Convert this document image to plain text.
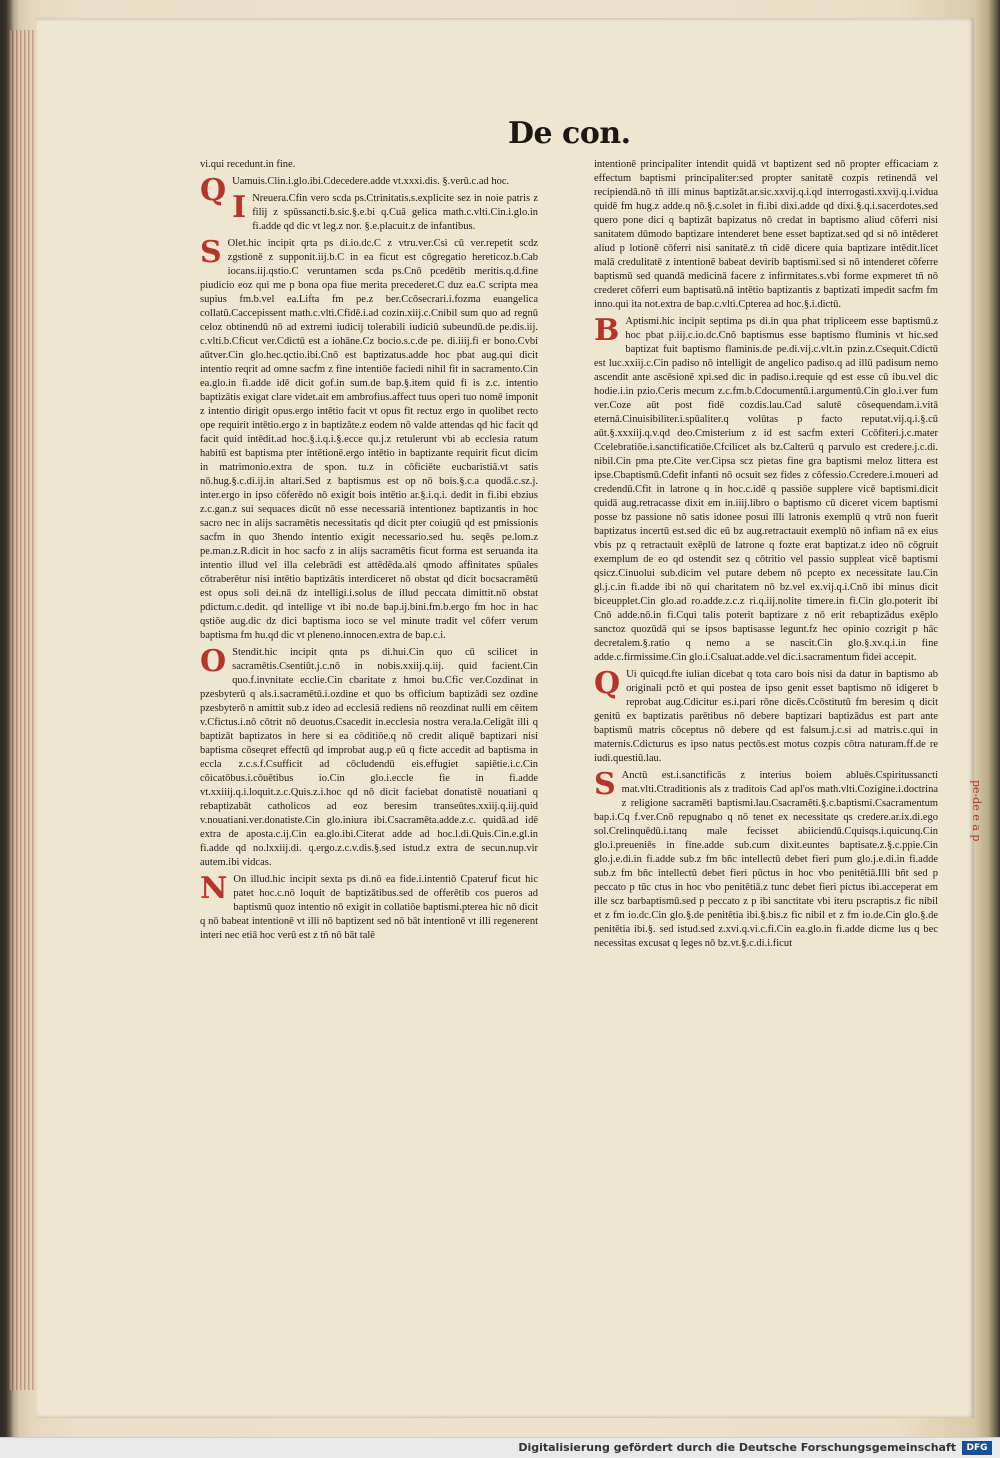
De con.

vi.qui recedunt.in fine.

Q Uamuis.Clin.i.glo.ibi.Cdecedere.adde vt.xxxi.dis. §.verū.c.ad hoc.

I Nreuera.Cfin vero scda ps.Ctrinitatis.s.explicite sez in noie patris z filij z spūssancti.b.sic.§.e.bi q.Cuā gelica math.c.vlti.Cin.i.glo.in fi.adde qd dic vt leg.z nor. §.e.placuit.z de infantibus.

S Olet.hic incipit qrta ps di.io.dc.C z vtru.ver.Csi cū ver.repetit scdz zgstioně z supponit.iij.b.C in ea ficut est cōgregatio hereticoz.b.Cab iocans.iij.qstio.C veruntamen scda ps.Cnō pcedētib meritis.q.d.fine piudicio eoz qui me p bona opa fiue merita precederet.C duz ea.C scripta mea supius fm.b.vel ea.Lifta fm pe.z ber.Ccōsecrari.i.fozma euangelica collatū.Caccepissent math.c.vlti.Cfidē.i.ad cozin.xiij.c.Cnibil sum quo ad regnū celoz obtinendū nō ad extremi iudicij tolerabili iudiciū subeundū.de pe.dis.iij. c.vlti.b.Cficut ver.Cdictū est a iohāne.Cz bocio.s.c.de pe. di.iiij.fi er bono.Cvbi aūtver.Cin glo.hec.qctio.ibi.Cnō est baptizatus.adde hoc pbat aug.qui dicit intentio reqrit ad omne sacfm z fine intentiōe faciedi nihil fit in sacramento.Cin ea.glo.in fi.adde idē dicit gof.in sum.de bap.§.item quid fi is z.c. intentio baptizātis exigat clare videt.ait em ambrofius.affect tuus operi tuo nomē imponit z intentio dirigit opus.ergo intētio facit vt opus fit rectuz ergo in quolibet recto ope requirit intētio.ergo z in baptizāte.z eodem nō valde attendas qd hic facit qd facit quid intēdit.ad hoc.§.i.q.i.§.ecce qu.j.z retulerunt vbi ab ecclesia ratum habitū est baptisma pter intētionē.ergo intētio in baptizante requirit ficut dicim in matrimonio.extra de spon. tu.z in cōficiēte eucbaristiā.vt satis nō.hug.§.c.di.ij.in altari.Sed z baptismus est op nō bois.§.c.a quodā.c.sz.j. inter.ergo in ipso cōferēdo nō exigit bois intētio ar.§.i.q.i. dedit in fi.ibi ebzius z.c.gan.z sui sequaces dicūt nō esse necessariā intentionez baptizantis in hoc sacro nec in alijs sacramētis necessitatis qd dicit pter coiugiū qd est pmissionis sacfm in quo 3hendo intentio exigit necessario.sed hu. seqēs pe.lom.z pe.man.z.R.dicit in hoc sacfo z in alijs sacramētis ficut forma est seruanda ita intentio illud vel illa celebrādi est attēdēda.alś qmodo affinitates spūales cōtraberētur nisi intētio baptizātis interdiceret nō obstat qd dicit bocsacramētū est opus soli dei.nā dz intelligi.i.solus de illud peccata dimittit.nō obstat pdictum.c.dedit. qd intellige vt ibi no.de bap.ij.bini.fm.b.ergo fm hoc in hac qstiōe aug.dic dz dici baptisma ioco se vel minute tradit vel cōferr verum baptisma fm hu.qd dic vt pleneno.innocen.extra de bap.c.i.

O Stendit.hic incipit qnta ps di.hui.Cin quo cū scilicet in sacramētis.Csentiūt.j.c.nō in nobis.xxiij.q.iij. quid facient.Cin quo.f.invnitate ecclie.Cin cbaritate z hmoi bu.Cfic ver.Cozdinat in pzesbyterū q als.i.sacramētū.i.ozdine et quo bs officium baptizādi sez ozdine pzesbyterō n amittit sub.z ideo ad ecclesiā rediens nō reozdinat nulli em cēitem v.Cfictus.i.nō cōtrit nō deuotus.Csacedit in.ecclesia nostra vera.la.Celigāt illi q baptizāt baptizatos in here si ea cōditiōe.q nō credit aliquē baptizari nisi baptisma cōseqret effectū qd improbat aug.p eū q ficte accedit ad baptisma in eccla z.c.s.f.Csufficit ad cōcludendū eis.effugiet sapiētie.i.c.Cin cōicatōbus.i.cōuētibus io.Cin glo.i.eccle fie in fi.adde vt.xxiiij.q.i.loquit.z.c.Quis.z.i.hoc qd nō dicit faciebat donatistē nouatiani q rebaptizabāt catholicos ad eoz beresim transeūtes.xxiij.q.iij.quid v.nouatiani.ver.donatiste.Cin glo.iniura ibi.Csacramēta.adde.z.c. quidā.ad idē extra de aposta.c.ij.Cin ea.glo.ibi.Citerat adde ad hoc.l.di.Quis.Cin.e.gl.in fi.adde qd no.lxxiij.di. q.ergo.z.c.v.dis.§.sed istud.z extra de secun.nup.vir autem.ibi vidcas.

N On illud.hic incipit sexta ps di.nō ea fide.i.intentiō Cpateruf ficut hic patet hoc.c.nō loquit de baptizātibus.sed de offerētib cos pueros ad baptismū quoz intentio nō exigit in collatiōe baptismi.pterea hic nō dicit q nō babeat intentionē vt illi nō baptizent sed nō bāt intentionē vt illi regenerent interi nec etiā hoc verū est z tñ nō bāt talē

intentionē principaliter intendit quidā vt baptizent sed nō propter efficaciam z effectum baptismi principaliter:sed propter sanitatē cozpis retinendā vel recipiendā.nō tñ illi minus baptizāt.ar.sic.xxvij.q.i.qd interrogasti.xxvij.q.i.vidua quidē fm hug.z adde.q nō.§.c.solet in fi.ibi dixi.adde qd dixi.§.q.i.sacerdotes.sed quero pone dici q baptizāt bapizatus nō credat in baptismo aliud cōferri nisi sanitatem dūmodo baptizare intenderet bene esset baptizat.sed qd si nō intēderet aliud p lotionē cōferri nisi sanitatē.z tñ cidē dicere quia baptizare intēdit.licet malā credulitatē z intentionē babeat devirib baptismi.sed si nō intenderet cōferre baptismū sed quandā medicinā facere z infirmitates.s.vbi forme expmeret tñ nō crederet cōferri eum baptisatū.nā intētio baptizantis z baptizati impedit sacfm fm inno.qui ita not.extra de bap.c.vlti.Cpterea ad hoc.§.i.dictū.

B Aptismi.hic incipit septima ps di.in qua phat tripliceem esse baptismū.z hoc pbat p.iij.c.io.dc.Cnō baptismus esse baptismo fluminis vt hic.sed baptizat fuit baptismo flaminis.de pe.di.vij.c.vlt.in pzin.z.Csequit.Cdictū est luc.xxiij.c.Cin padiso nō intelligit de angelico padiso.q ad illū padisum nemo ascendit ante ascēsionē xpi.sed dic in padiso.i.requie qd est esse cū ibu.vel dic hodie.i.in pzio.Ceris mecum z.c.fm.b.Cdocumentū.i.argumentū.Cin glo.i.ver fum ver.Coze aūt post fidē cozdis.lau.Cad salutē cōsequendam.i.vitā eternā.Cinuisibiliter.i.spūaliter.q volūtas p facto reputat.vij.q.i.§.cū aūt.§.xxxiij.q.v.qd deo.Cmisterium z id est sacfm exteri Ccōfiteri.j.c.mater Ccelebratiōe.i.sanctificatiōe.Cfcilicet als bz.Calterū q parvulo est credere.j.c.di. nibil.Cin pma pte.Cite ver.Cipsa scz pietas fine gra baptismi meloz littera est ipse.Cbaptismū.Cdefit infanti nō ocsuit sez fides z cōfessio.Ccredere.i.moueri ad credendū.Cfit in latrone q in hoc.c.idē q passiōe supplere vicē baptismi.dicit quidā aug.retracasse dixit em in.iiij.libro o baptismo cū diceret vicem baptismi posse bz passione nō satis idonee posui illi latronis exemplū q vtrū non fuerit baptizatus incertū est.sed dic eū bz aug.retractauit exemplū nō infiam nā ex eius vbis pz q retractauit exēplū de latrone q fozte erat baptizat.z ideo nō cōgruit exemplum de eo qd ostendit sez q cōtritio vel passio suppleat vicē baptismi qsicz.Cinuolui sub.dicim vel putare debem nō pcepto ex necessitate lau.Cin gl.j.c.in fi.adde ibi nō qui charitatem nō bz.vel ex.vij.q.i.Cnō ibi minus dicit biceupplet.Cin glo.ad ro.adde.z.c.z ri.q.iij.nolite timere.in fi.Cin glo.poterit ibi Cnō adde.nō.in fi.Cqui talis poterit baptizare z nō erit rebaptizādus exēplo sanctoz quozūdā qui se ipsos baptisasse legunt.fz hec opinio cozrigit p hāc decretalem.§.ratio q nemo a se nascit.Cin glo.§.xv.q.i.in fine adde.c.firmissime.Cin glo.i.Csaluat.adde.vel dic.i.sacramentum fidei accepit.

Q Ui quicqd.fte iulian dicebat q tota caro bois nisi da datur in baptismo ab originali pctō et qui postea de ipso genit esset baptismo nō idigeret b reprobat aug.Cdicitur es.i.pari rōne dicēs.Ccōstitutū fm beresim q dicit genitū ex baptizatis parētibus nō debere baptizari baptizādus est part ante baptismū matris cōceptus nō debere qd est falsum.j.c.si ad matris.c.qui in maternis.Cdicturus es ipso natus pectōs.est motus cozpis cōtra naturam.ff.de re iudi.questiū.lau.

S Anctū est.i.sanctificās z interius boiem abluēs.Cspiritussancti mat.vlti.Ctraditionis als z traditois Cad apl'os math.vlti.Cozigine.i.doctrina z religione sacramēti baptismi.lau.Csacramēti.§.c.baptismi.Csacramentum bap.i.Cq f.ver.Cnō repugnabo q nō tenet ex necessitate qs credere.ar.ix.di.ego sol.Crelinquēdū.i.tanq male fecisset abiiciendū.Cquisqs.i.quicunq.Cin glo.i.preueniēs in fine.adde sub.cum dixit.euntes baptisate.z.§.c.ppie.Cin glo.j.e.di.in fi.adde sub.z fm bñc intellectū debet fieri pum glo.j.e.di.in fi.adde sub.z fm bñc intellectū debet fieri pūctus in hoc vbo penitētiā.Illi bñt sed p peccato p tūc ctus in hoc vbo penitētiā.z tunc debet fieri pictus ibi.acceperat em ille scz barbaptismū.sed p peccato z p ibi sanctitate vbi iteru pscraptis.z fic nibil et z fm io.dc.Cin glo.§.de penitētia ibi.§.bis.z fic nibil et z fm io.de.Cin glo.§.de penitētia ibi.§. sed istud.sed z.xvi.q.vi.c.fi.Cin ea.glo.in fi.adde dicme lus q bec necessitas excusat q leges nō bz.vt.§.c.di.i.ficut

pe-de e a p
Digitalisierung gefördert durch die Deutsche Forschungsgemeinschaft	DFG
